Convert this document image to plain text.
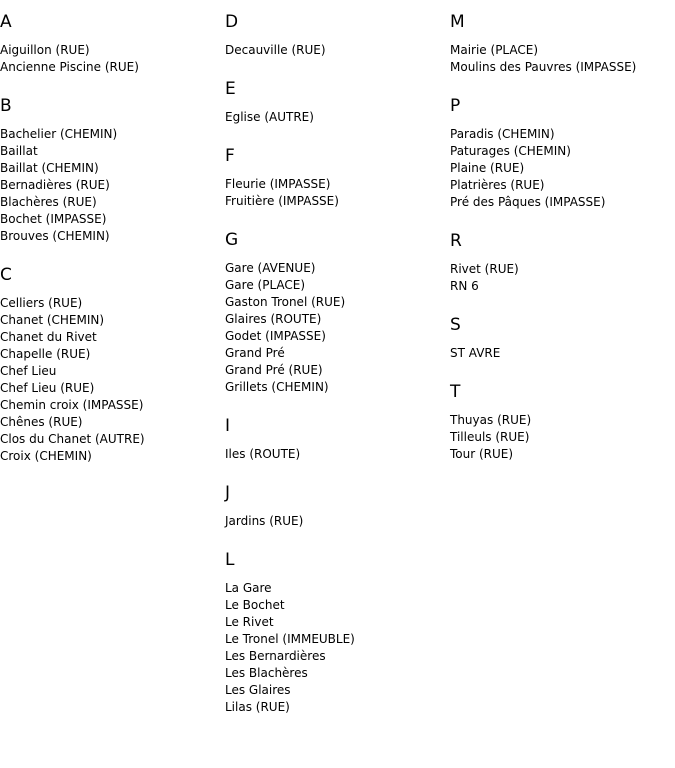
A
Aiguillon (RUE)
Ancienne Piscine (RUE)
B
Bachelier (CHEMIN)
Baillat
Baillat (CHEMIN)
Bernadières (RUE)
Blachères (RUE)
Bochet (IMPASSE)
Brouves (CHEMIN)
C
Celliers (RUE)
Chanet (CHEMIN)
Chanet du Rivet
Chapelle (RUE)
Chef Lieu
Chef Lieu (RUE)
Chemin croix (IMPASSE)
Chênes (RUE)
Clos du Chanet (AUTRE)
Croix (CHEMIN)
D
Decauville (RUE)
E
Eglise (AUTRE)
F
Fleurie (IMPASSE)
Fruitière (IMPASSE)
G
Gare (AVENUE)
Gare (PLACE)
Gaston Tronel (RUE)
Glaires (ROUTE)
Godet (IMPASSE)
Grand Pré
Grand Pré (RUE)
Grillets (CHEMIN)
I
Iles (ROUTE)
J
Jardins (RUE)
L
La Gare
Le Bochet
Le Rivet
Le Tronel (IMMEUBLE)
Les Bernardières
Les Blachères
Les Glaires
Lilas (RUE)
M
Mairie (PLACE)
Moulins des Pauvres (IMPASSE)
P
Paradis (CHEMIN)
Paturages (CHEMIN)
Plaine (RUE)
Platrières (RUE)
Pré des Pâques (IMPASSE)
R
Rivet (RUE)
RN 6
S
ST AVRE
T
Thuyas (RUE)
Tilleuls (RUE)
Tour (RUE)
